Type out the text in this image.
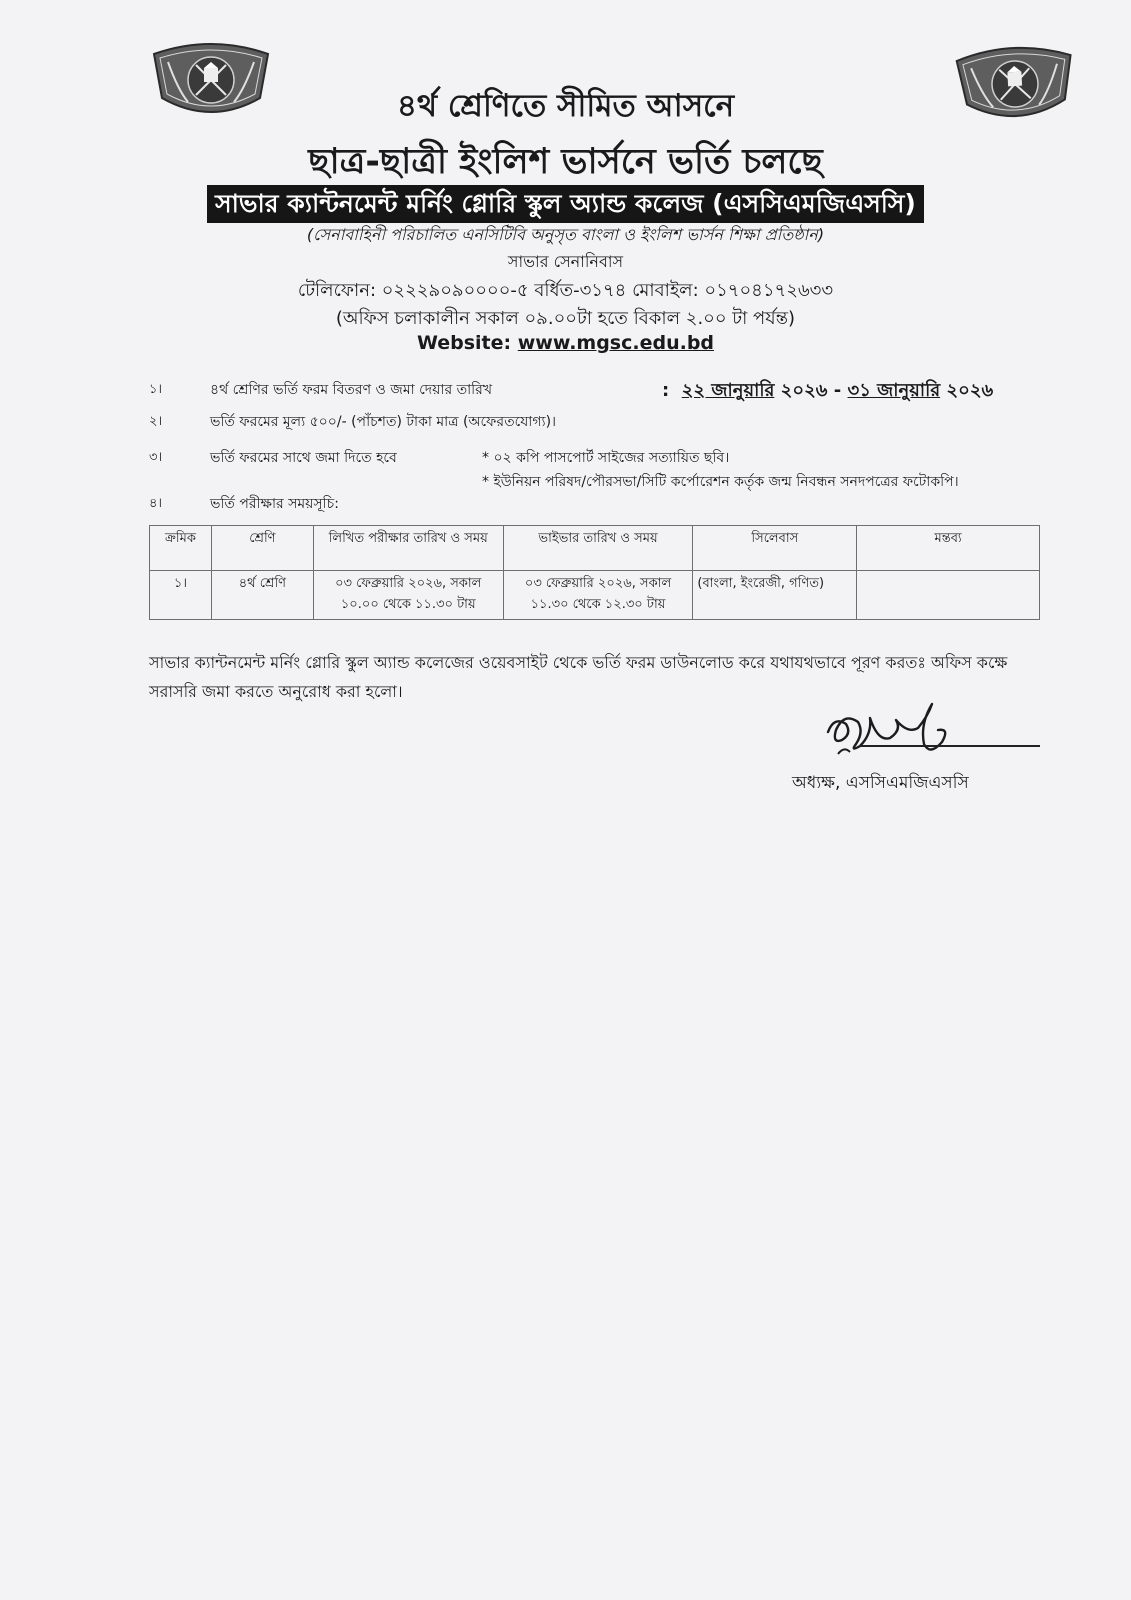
৪র্থ শ্রেণিতে সীমিত আসনে
ছাত্র-ছাত্রী ইংলিশ ভার্সনে ভর্তি চলছে
সাভার ক্যান্টনমেন্ট মর্নিং গ্লোরি স্কুল অ্যান্ড কলেজ (এসসিএমজিএসসি)
(সেনাবাহিনী পরিচালিত এনসিটিবি অনুসৃত বাংলা ও ইংলিশ ভার্সন শিক্ষা প্রতিষ্ঠান)
সাভার সেনানিবাস
টেলিফোন: ০২২২৯০৯০০০০-৫ বর্ধিত-৩১৭৪ মোবাইল: ০১৭০৪১৭২৬৩৩
(অফিস চলাকালীন সকাল ০৯.০০টা হতে বিকাল ২.০০ টা পর্যন্ত)
Website: www.mgsc.edu.bd
১।	৪র্থ শ্রেণির ভর্তি ফরম বিতরণ ও জমা দেয়ার তারিখ	: ২২ জানুয়ারি ২০২৬ - ৩১ জানুয়ারি ২০২৬
২।	ভর্তি ফরমের মূল্য ৫০০/- (পাঁচশত) টাকা মাত্র (অফেরতযোগ্য)।
৩।	ভর্তি ফরমের সাথে জমা দিতে হবে	* ০২ কপি পাসপোর্ট সাইজের সত্যায়িত ছবি।
* ইউনিয়ন পরিষদ/পৌরসভা/সিটি কর্পোরেশন কর্তৃক জন্ম নিবন্ধন সনদপত্রের ফটোকপি।
৪।	ভর্তি পরীক্ষার সময়সূচি:
ক্রমিক	শ্রেণি	লিখিত পরীক্ষার তারিখ ও সময়	ভাইভার তারিখ ও সময়	সিলেবাস	মন্তব্য
১।	৪র্থ শ্রেণি	০৩ ফেব্রুয়ারি ২০২৬, সকাল ১০.০০ থেকে ১১.৩০ টায়	০৩ ফেব্রুয়ারি ২০২৬, সকাল ১১.৩০ থেকে ১২.৩০ টায়	(বাংলা, ইংরেজী, গণিত)	
সাভার ক্যান্টনমেন্ট মর্নিং গ্লোরি স্কুল অ্যান্ড কলেজের ওয়েবসাইট থেকে ভর্তি ফরম ডাউনলোড করে যথাযথভাবে পূরণ করতঃ অফিস কক্ষে সরাসরি জমা করতে অনুরোধ করা হলো।
অধ্যক্ষ, এসসিএমজিএসসি
